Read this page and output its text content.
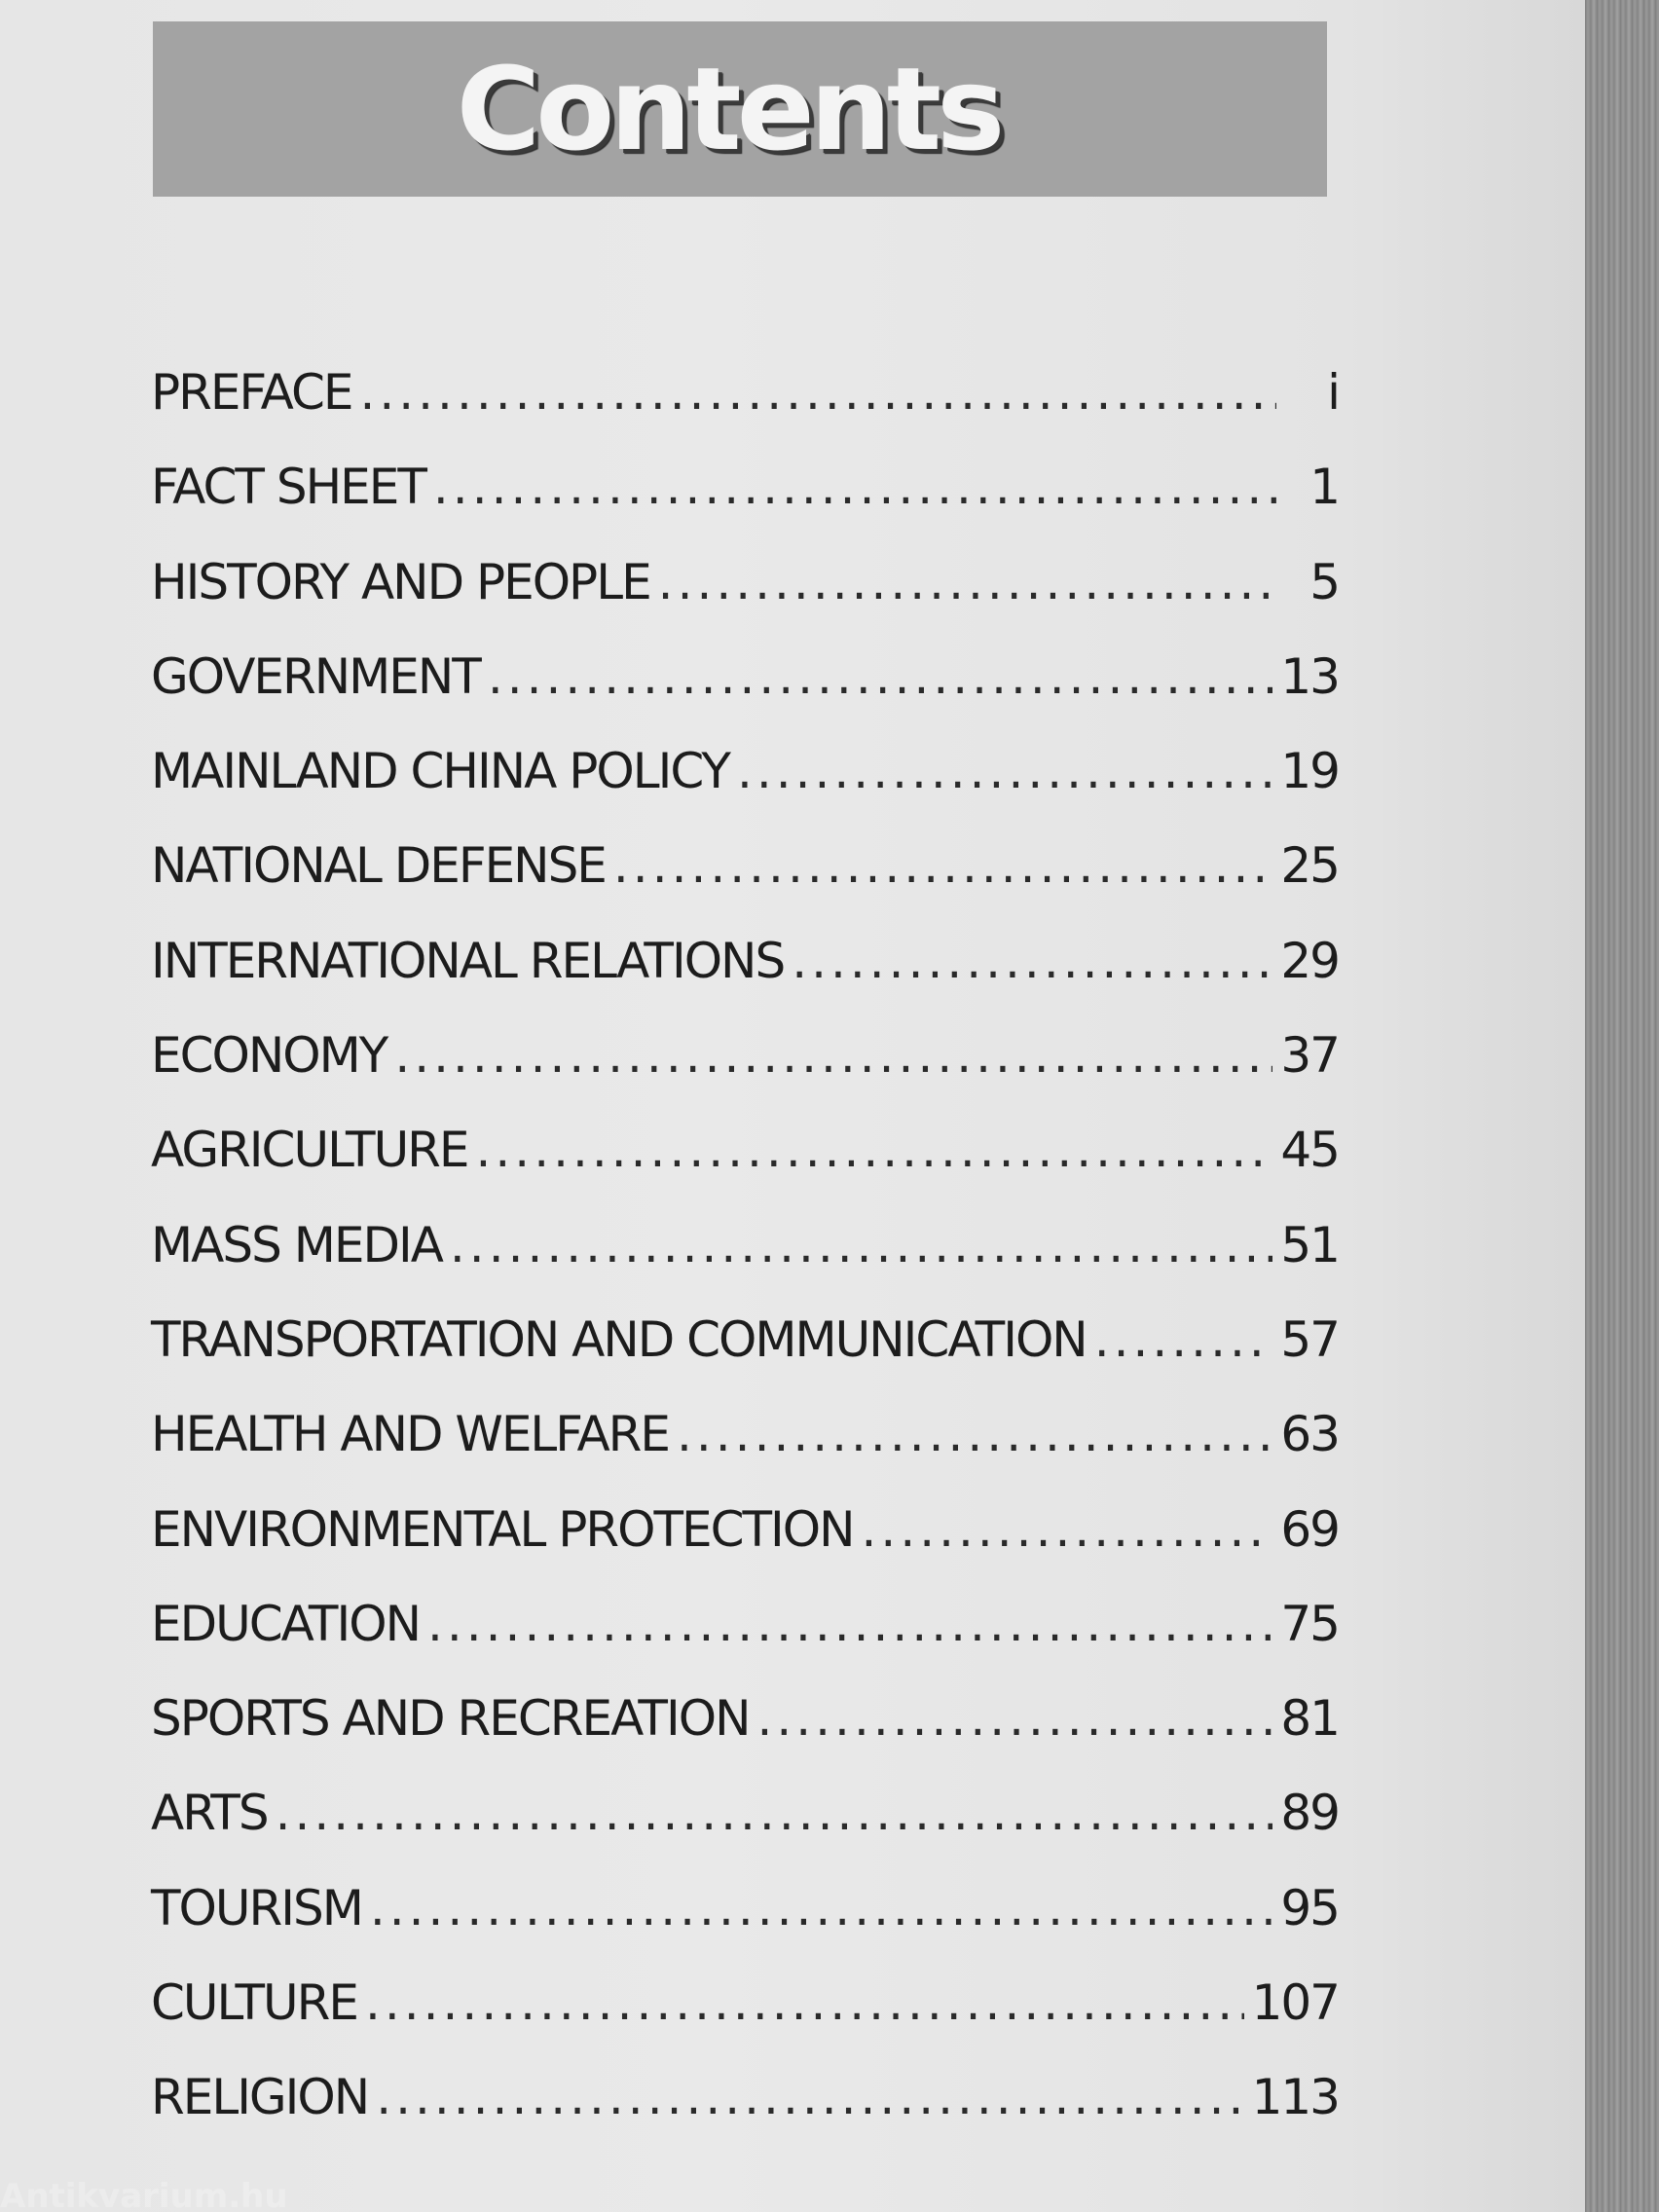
Contents
PREFACE .....	i
FACT SHEET .....	1
HISTORY AND PEOPLE .....	5
GOVERNMENT .....	13
MAINLAND CHINA POLICY .....	19
NATIONAL DEFENSE .....	25
INTERNATIONAL RELATIONS .....	29
ECONOMY .....	37
AGRICULTURE .....	45
MASS MEDIA .....	51
TRANSPORTATION AND COMMUNICATION .....	57
HEALTH AND WELFARE .....	63
ENVIRONMENTAL PROTECTION .....	69
EDUCATION .....	75
SPORTS AND RECREATION .....	81
ARTS .....	89
TOURISM .....	95
CULTURE .....	107
RELIGION .....	113
Antikvarium.hu
